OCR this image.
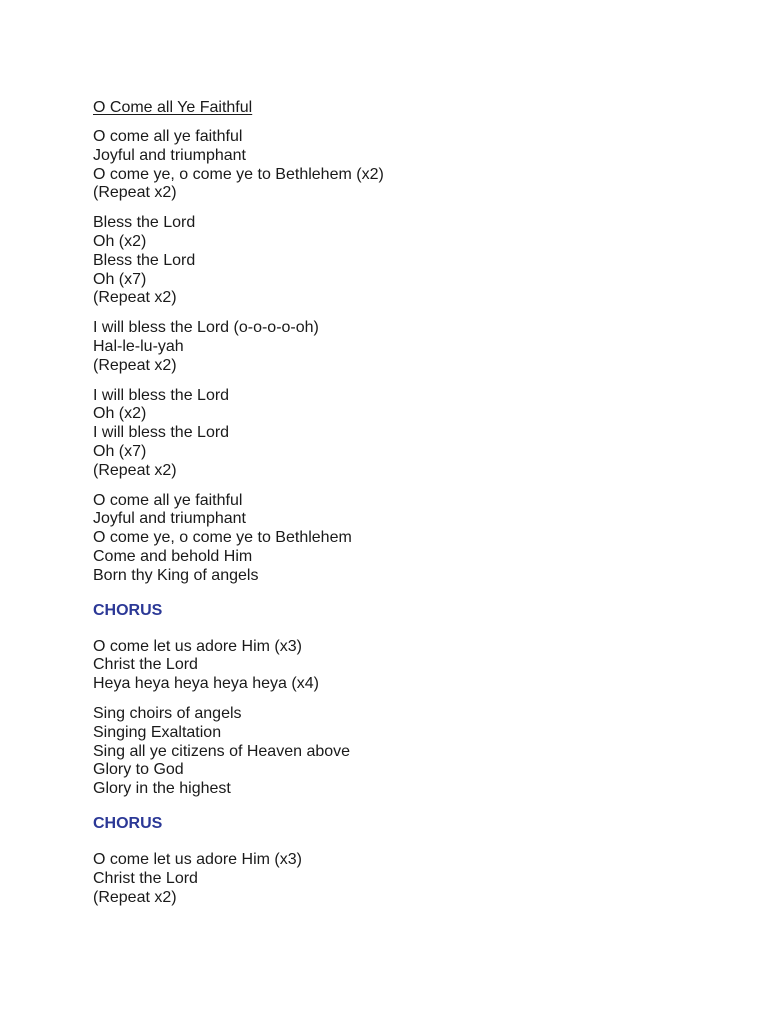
O Come all Ye Faithful
O come all ye faithful
Joyful and triumphant
O come ye, o come ye to Bethlehem (x2)
(Repeat x2)
Bless the Lord
Oh (x2)
Bless the Lord
Oh (x7)
(Repeat x2)
I will bless the Lord (o-o-o-o-oh)
Hal-le-lu-yah
(Repeat x2)
I will bless the Lord
Oh (x2)
I will bless the Lord
Oh (x7)
(Repeat x2)
O come all ye faithful
Joyful and triumphant
O come ye, o come ye to Bethlehem
Come and behold Him
Born thy King of angels
CHORUS
O come let us adore Him (x3)
Christ the Lord
Heya heya heya heya heya (x4)
Sing choirs of angels
Singing Exaltation
Sing all ye citizens of Heaven above
Glory to God
Glory in the highest
CHORUS
O come let us adore Him (x3)
Christ the Lord
(Repeat x2)
